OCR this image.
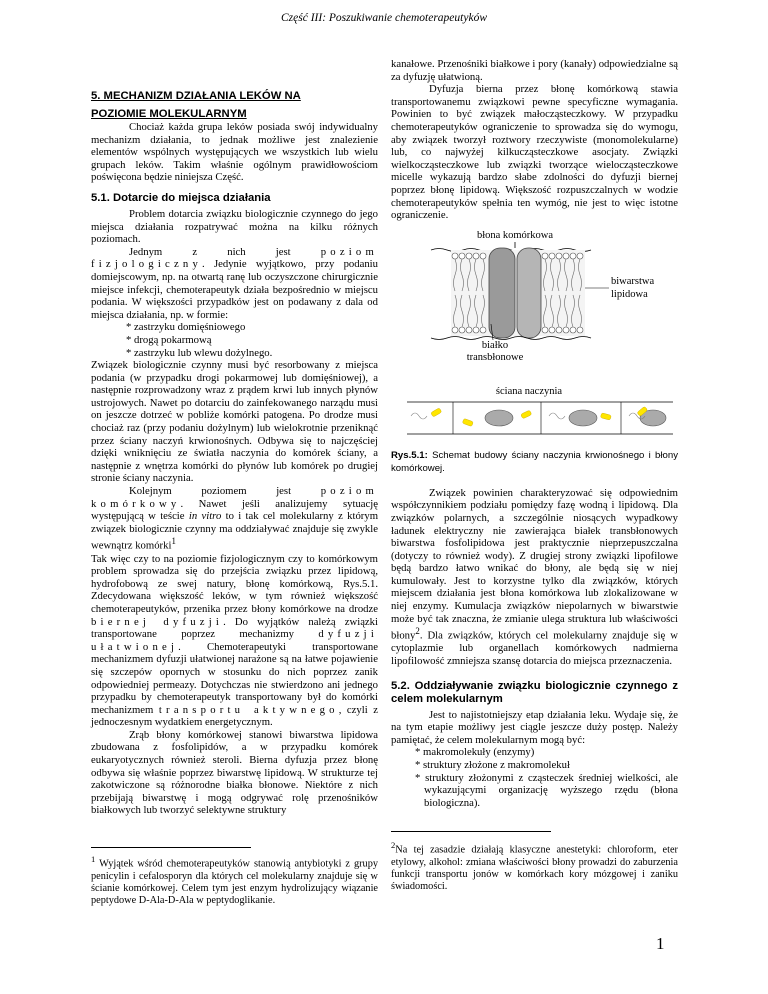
Część III: Poszukiwanie chemoterapeutyków
5. MECHANIZM DZIAŁANIA LEKÓW NA
POZIOMIE MOLEKULARNYM

Chociaż każda grupa leków posiada swój indywidualny mechanizm działania, to jednak możliwe jest znalezienie elementów wspólnych występujących we wszystkich lub wielu grupach leków. Takim właśnie ogólnym prawidłowościom poświęcona będzie niniejsza Część.

5.1. Dotarcie do miejsca działania

Problem dotarcia związku biologicznie czynnego do jego miejsca działania rozpatrywać można na kilku różnych poziomach.

Jednym z nich jest	poziom fizjologiczny. Jedynie wyjątkowo, przy podaniu domiejscowym, np. na otwartą ranę lub oczyszczone chirurgicznie miejsce infekcji, chemoterapeutyk działa bezpośrednio w miejscu podania. W większości przypadków jest on podawany z dala od miejsca działania, np. w formie:

* zastrzyku domięśniowego
* drogą pokarmową
* zastrzyku lub wlewu dożylnego.

Związek biologicznie czynny musi być resorbowany z miejsca podania (w przypadku drogi pokarmowej lub domięśniowej), a następnie rozprowadzony wraz z prądem krwi lub innych płynów ustrojowych. Nawet po dotarciu do zainfekowanego narządu musi on jeszcze dotrzeć w pobliże komórki patogena. Po drodze musi chociaż raz (przy podaniu dożylnym) lub wielokrotnie przeniknąć przez ściany naczyń krwionośnych. Odbywa się to najczęściej dzięki wniknięciu ze światła naczynia do komórek ściany, a następnie z wnętrza komórki do płynów lub komórek po drugiej stronie ściany naczynia.

Kolejnym poziomem jest	poziom komórkowy. Nawet jeśli analizujemy sytuację występującą w teście in vitro to i tak cel molekularny z którym związek biologicznie czynny ma oddziaływać znajduje się zwykle wewnątrz komórki$^1$

Tak więc czy to na poziomie fizjologicznym czy to komórkowym problem sprowadza się do przejścia związku przez lipidową, hydrofobową ze swej natury, błonę komórkową, Rys.5.1. Zdecydowana większość leków, w tym również większość chemoterapeutyków, przenika przez błony komórkowe na drodze biernej dyfuzji. Do wyjątków należą związki transportowane poprzez mechanizmy dyfuzji ułatwionej. Chemoterapeutyki transportowane mechanizmem dyfuzji ułatwionej narażone są na łatwe pojawienie się szczepów opornych w stosunku do nich poprzez zanik odpowiedniej permeazy. Dotychczas nie stwierdzono ani jednego przypadku by chemoterapeutyk transportowany był do komórki mechanizmem transportu aktywnego, czyli z jednoczesnym wydatkiem energetycznym.

Zrąb błony komórkowej stanowi biwarstwa lipidowa zbudowana z fosfolipidów, a w przypadku komórek eukaryotycznych również steroli. Bierna dyfuzja przez błonę odbywa się właśnie poprzez biwarstwę lipidową. W strukturze tej zakotwiczone są różnorodne białka błonowe. Niektóre z nich przebijają biwarstwę i mogą odgrywać rolę przenośników białkowych lub tworzyć selektywne struktury

$^1$ Wyjątek wśród chemoterapeutyków stanowią antybiotyki z grupy penicylin i cefalosporyn dla których cel molekularny znajduje się w ścianie komórkowej. Celem tym jest enzym hydrolizujący wiązanie peptydowe D-Ala-D-Ala w peptydoglikanie.

kanałowe. Przenośniki białkowe i pory (kanały) odpowiedzialne są za dyfuzję ułatwioną.

Dyfuzja bierna przez błonę komórkową stawia transportowanemu związkowi pewne specyficzne wymagania. Powinien to być związek małocząsteczkowy. W przypadku chemoterapeutyków ograniczenie to sprowadza się do wymogu, aby związek tworzył roztwory rzeczywiste (monomolekularne) lub, co najwyżej kilkucząsteczkowe asocjaty. Związki wielkocząsteczkowe lub związki tworzące wielocząsteczkowe micelle wykazują bardzo słabe zdolności do dyfuzji biernej poprzez błonę lipidową. Większość rozpuszczalnych w wodzie chemoterapeutyków spełnia ten wymóg, nie jest to więc istotne ograniczenie.

błona komórkowa
biwarstwa
lipidowa
białko
transbłonowe
ściana naczynia

Rys.5.1: Schemat budowy ściany naczynia krwionośnego i błony komórkowej.

Związek powinien charakteryzować się odpowiednim współczynnikiem podziału pomiędzy fazę wodną i lipidową. Dla związków polarnych, a szczególnie niosących wypadkowy ładunek elektryczny nie zawierająca białek transbłonowych biwarstwa fosfolipidowa jest praktycznie nieprzepuszczalna (dotyczy to również wody). Z drugiej strony związki lipofilowe będą bardzo łatwo wnikać do błony, ale będą się w niej kumulowały. Jest to korzystne tylko dla związków, których miejscem działania jest błona komórkowa lub zlokalizowane w niej enzymy. Kumulacja związków niepolarnych w biwarstwie może być tak znaczna, że zmianie ulega struktura lub właściwości błony$^2$. Dla związków, których cel molekularny znajduje się w cytoplazmie lub organellach komórkowych nadmierna lipofilowość zmniejsza szansę dotarcia do miejsca przeznaczenia.

5.2. Oddziaływanie związku biologicznie czynnego z celem molekularnym

Jest to najistotniejszy etap działania leku. Wydaje się, że na tym etapie możliwy jest ciągle jeszcze duży postęp. Należy pamiętać, że celem molekularnym mogą być:

* makromolekuły (enzymy)
* struktury złożone z makromolekuł
* struktury złożonymi z cząsteczek średniej wielkości, ale wykazującymi organizację wyższego rzędu (błona biologiczna).

$^2$Na tej zasadzie działają klasyczne anestetyki: chloroform, eter etylowy, alkohol: zmiana właściwości błony prowadzi do zaburzenia funkcji transportu jonów w komórkach kory mózgowej i zaniku świadomości.

1
